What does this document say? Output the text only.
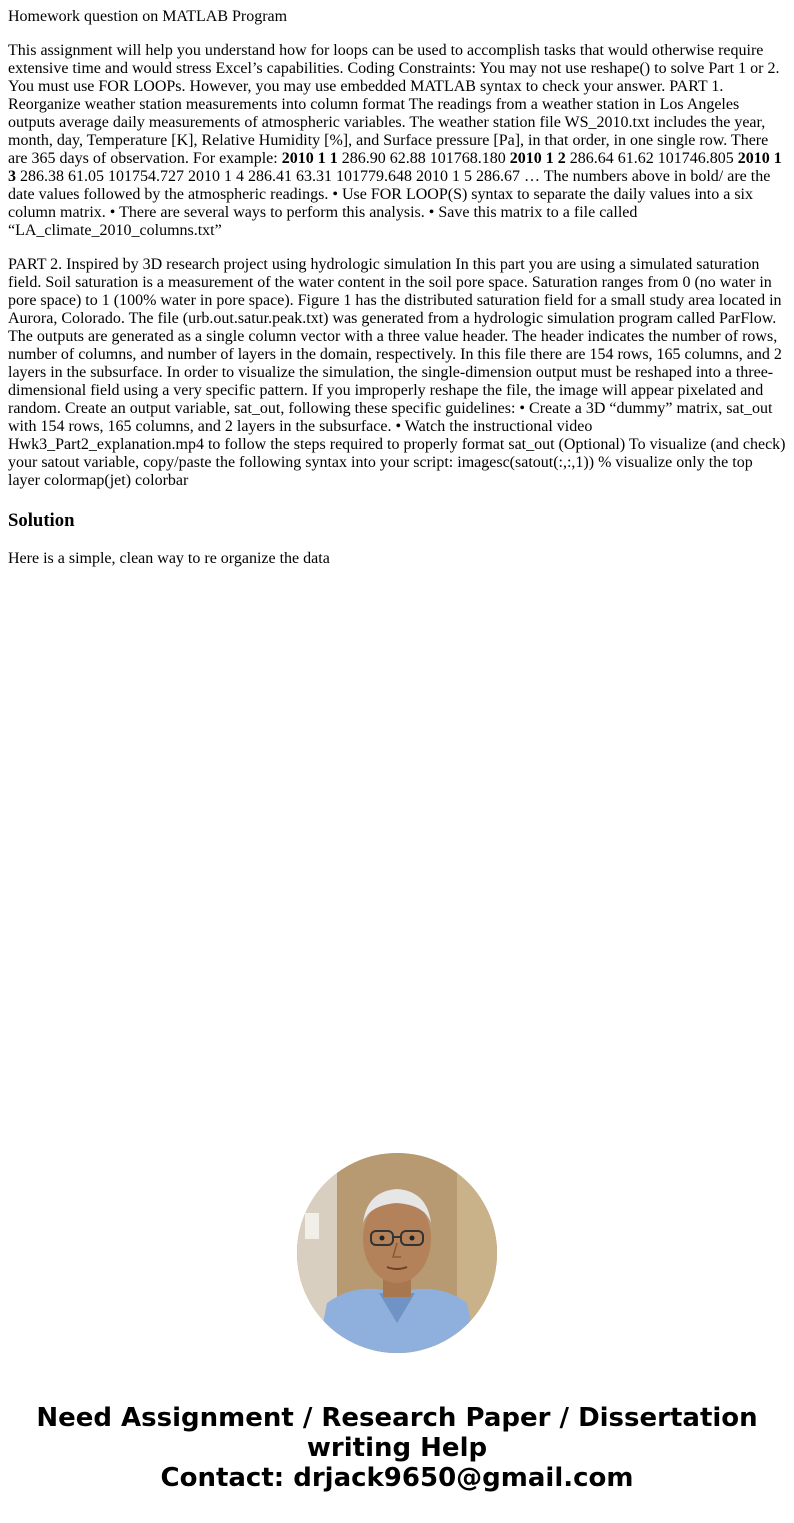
Homework question on MATLAB Program

This assignment will help you understand how for loops can be used to accomplish tasks that would otherwise require extensive time and would stress Excel’s capabilities. Coding Constraints: You may not use reshape() to solve Part 1 or 2. You must use FOR LOOPs. However, you may use embedded MATLAB syntax to check your answer. PART 1. Reorganize weather station measurements into column format The readings from a weather station in Los Angeles outputs average daily measurements of atmospheric variables. The weather station file WS_2010.txt includes the year, month, day, Temperature [K], Relative Humidity [%], and Surface pressure [Pa], in that order, in one single row. There are 365 days of observation. For example: 2010 1 1 286.90 62.88 101768.180 2010 1 2 286.64 61.62 101746.805 2010 1 3 286.38 61.05 101754.727 2010 1 4 286.41 63.31 101779.648 2010 1 5 286.67 … The numbers above in bold/ are the date values followed by the atmospheric readings. • Use FOR LOOP(S) syntax to separate the daily values into a six column matrix. • There are several ways to perform this analysis. • Save this matrix to a file called “LA_climate_2010_columns.txt”

PART 2. Inspired by 3D research project using hydrologic simulation In this part you are using a simulated saturation field. Soil saturation is a measurement of the water content in the soil pore space. Saturation ranges from 0 (no water in pore space) to 1 (100% water in pore space). Figure 1 has the distributed saturation field for a small study area located in Aurora, Colorado. The file (urb.out.satur.peak.txt) was generated from a hydrologic simulation program called ParFlow. The outputs are generated as a single column vector with a three value header. The header indicates the number of rows, number of columns, and number of layers in the domain, respectively. In this file there are 154 rows, 165 columns, and 2 layers in the subsurface. In order to visualize the simulation, the single-dimension output must be reshaped into a three-dimensional field using a very specific pattern. If you improperly reshape the file, the image will appear pixelated and random. Create an output variable, sat_out, following these specific guidelines: • Create a 3D “dummy” matrix, sat_out with 154 rows, 165 columns, and 2 layers in the subsurface. • Watch the instructional video Hwk3_Part2_explanation.mp4 to follow the steps required to properly format sat_out (Optional) To visualize (and check) your satout variable, copy/paste the following syntax into your script: imagesc(satout(:,:,1)) % visualize only the top layer colormap(jet) colorbar

Solution

Here is a simple, clean way to re organize the data

Need Assignment / Research Paper / Dissertation
writing Help
Contact: drjack9650@gmail.com
